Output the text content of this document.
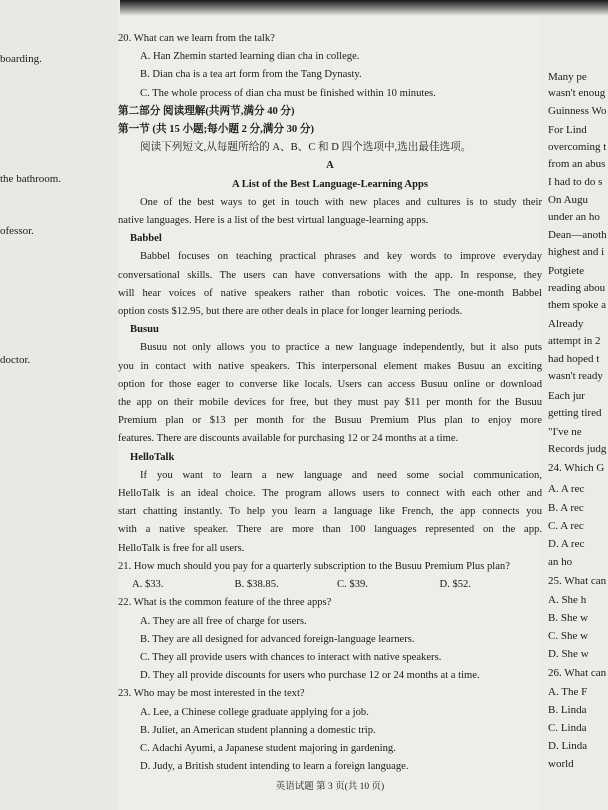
boarding.
the bathroom.
ofessor.
doctor.
Many pe
wasn't enoug
Guinness Wo
For Lind
overcoming t
from an abus
I had to do s
On Augu
under an ho
Dean—anoth
highest and i
Potgiete
reading abou
them spoke a
Already
attempt in 2
had hoped t
wasn't ready
Each jur
getting tired
"I've ne
Records judg
24. Which G
A. A rec
B. A rec
C. A rec
D. A rec
an ho
25. What can
A. She h
B. She w
C. She w
D. She w
26. What can
A. The F
B. Linda
C. Linda
D. Linda
world
20. What can we learn from the talk?
A. Han Zhemin started learning dian cha in college.
B. Dian cha is a tea art form from the Tang Dynasty.
C. The whole process of dian cha must be finished within 10 minutes.
第二部分 阅读理解(共两节,满分 40 分)
第一节 (共 15 小题;每小题 2 分,满分 30 分)
阅读下列短文,从每题所给的 A、B、C 和 D 四个选项中,选出最佳选项。
A
A List of the Best Language-Learning Apps
One of the best ways to get in touch with new places and cultures is to study their
native languages. Here is a list of the best virtual language-learning apps.
Babbel
Babbel focuses on teaching practical phrases and key words to improve everyday
conversational skills. The users can have conversations with the app. In response, they
will hear voices of native speakers rather than robotic voices. The one-month Babbel
option costs $12.95, but there are other deals in place for longer learning periods.
Busuu
Busuu not only allows you to practice a new language independently, but it also puts
you in contact with native speakers. This interpersonal element makes Busuu an exciting
option for those eager to converse like locals. Users can access Busuu online or download
the app on their mobile devices for free, but they must pay $11 per month for the Busuu
Premium plan or $13 per month for the Busuu Premium Plus plan to enjoy more
features. There are discounts available for purchasing 12 or 24 months at a time.
HelloTalk
If you want to learn a new language and need some social communication,
HelloTalk is an ideal choice. The program allows users to connect with each other and
start chatting instantly. To help you learn a language like French, the app connects you
with a native speaker. There are more than 100 languages represented on the app.
HelloTalk is free for all users.
21. How much should you pay for a quarterly subscription to the Busuu Premium Plus plan?
A. $33.	B. $38.85.	C. $39.	D. $52.
22. What is the common feature of the three apps?
A. They are all free of charge for users.
B. They are all designed for advanced foreign-language learners.
C. They all provide users with chances to interact with native speakers.
D. They all provide discounts for users who purchase 12 or 24 months at a time.
23. Who may be most interested in the text?
A. Lee, a Chinese college graduate applying for a job.
B. Juliet, an American student planning a domestic trip.
C. Adachi Ayumi, a Japanese student majoring in gardening.
D. Judy, a British student intending to learn a foreign language.
英语试题 第 3 页(共 10 页)
